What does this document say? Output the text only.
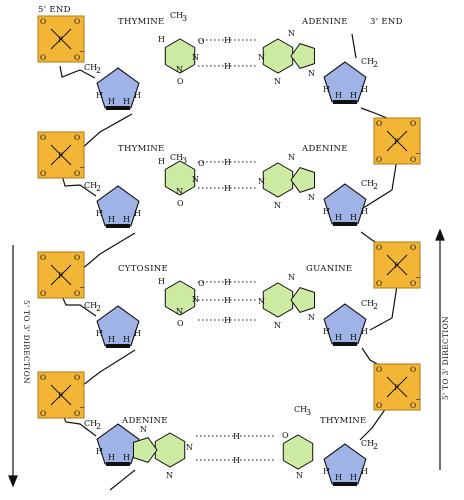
P
O	O
O	O
−
P
O	O
O	O
−
P
O	O
O	O
−
P
O	O
O	O
−
P
O	O
O	O
−
P
O	O
O	O
−
P
O	O
O	O
−
H	H
H H
CH
2
H	H
H H
CH
2
H	H
H H
CH
2
H
H H
CH
2
H	H
H H
CH
2
H	H
H H
CH
2
H	H
H H
CH
2
H	H
H H
CH
2
O
O
N
N
H
O
O
N
N
H
O
O
N
N
H
O
N
N
N
N
N
N
N
N
N
N
N
N
N
N
N
N
H
H
H
H
H
H
H
H
H
5' END
3' END
THYMINE	ADENINE
THYMINE	ADENINE
CYTOSINE	GUANINE
ADENINE	THYMINE
5' TO 3' DIRECTION	5' TO 3' DIRECTION
CH
3
CH
3
CH
3
